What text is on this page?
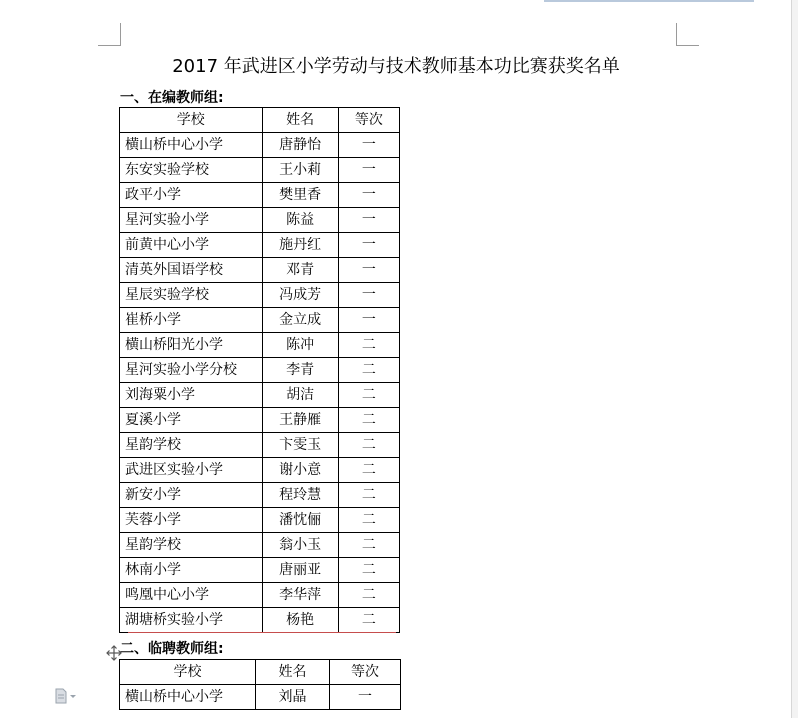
2017 年武进区小学劳动与技术教师基本功比赛获奖名单
一、在编教师组:
学校	姓名	等次
横山桥中心小学	唐静怡	一
东安实验学校	王小莉	一
政平小学	樊里香	一
星河实验小学	陈益	一
前黄中心小学	施丹红	一
清英外国语学校	邓青	一
星辰实验学校	冯成芳	一
崔桥小学	金立成	一
横山桥阳光小学	陈冲	二
星河实验小学分校	李青	二
刘海粟小学	胡洁	二
夏溪小学	王静雁	二
星韵学校	卞雯玉	二
武进区实验小学	谢小意	二
新安小学	程玲慧	二
芙蓉小学	潘忱俪	二
星韵学校	翁小玉	二
林南小学	唐丽亚	二
鸣凰中心小学	李华萍	二
湖塘桥实验小学	杨艳	二
二、临聘教师组:
学校	姓名	等次
横山桥中心小学	刘晶	一
